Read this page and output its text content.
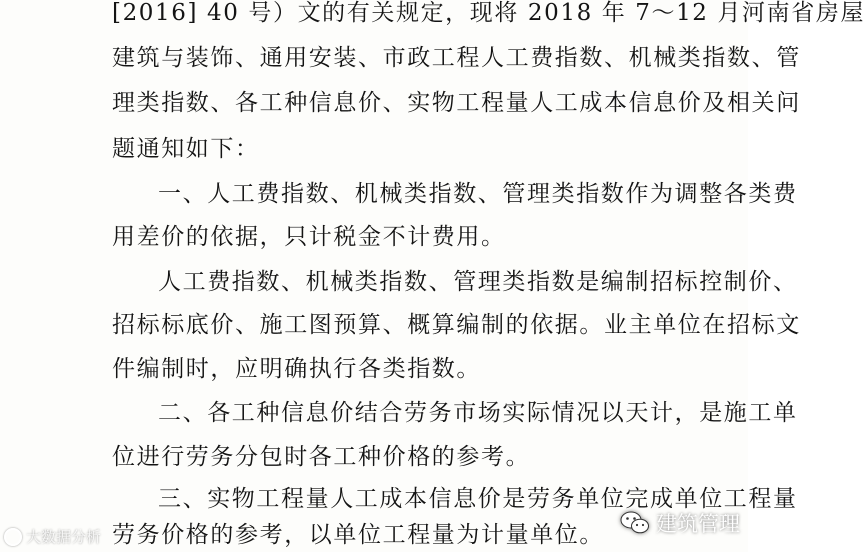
[2016] 40 号）文的有关规定，现将 2018 年 7～12 月河南省房屋
建筑与装饰、通用安装、市政工程人工费指数、机械类指数、管
理类指数、各工种信息价、实物工程量人工成本信息价及相关问
题通知如下：
一、人工费指数、机械类指数、管理类指数作为调整各类费
用差价的依据，只计税金不计费用。
人工费指数、机械类指数、管理类指数是编制招标控制价、
招标标底价、施工图预算、概算编制的依据。业主单位在招标文
件编制时，应明确执行各类指数。
二、各工种信息价结合劳务市场实际情况以天计，是施工单
位进行劳务分包时各工种价格的参考。
三、实物工程量人工成本信息价是劳务单位完成单位工程量
劳务价格的参考，以单位工程量为计量单位。
大数据分析
建筑管理
